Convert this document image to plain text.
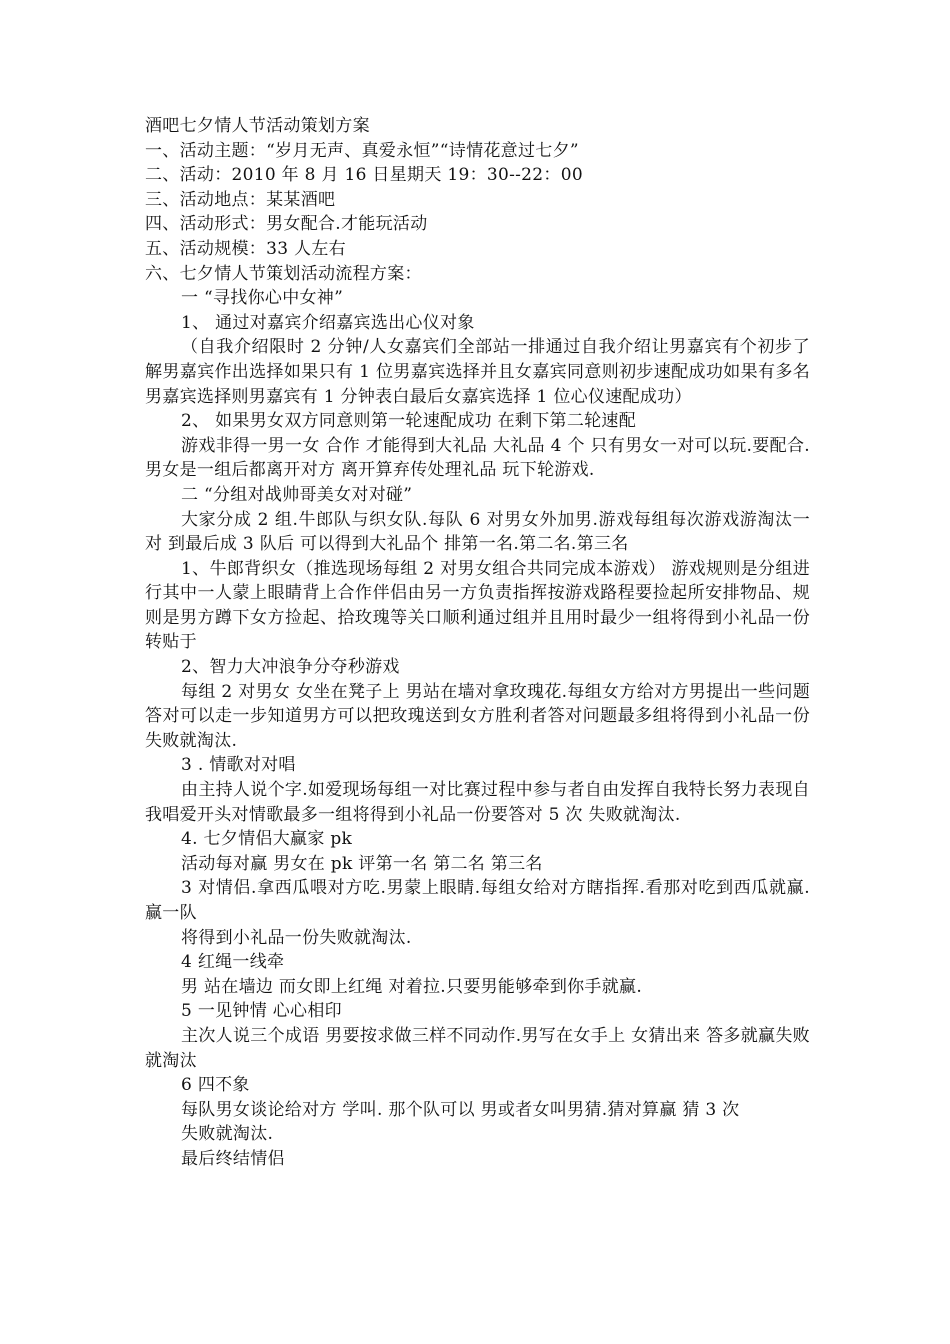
酒吧七夕情人节活动策划方案

一、活动主题：“岁月无声、真爱永恒”“诗情花意过七夕”

二、活动：2010 年 8 月 16 日星期天 19：30--22：00

三、活动地点：某某酒吧

四、活动形式：男女配合.才能玩活动

五、活动规模：33 人左右

六、七夕情人节策划活动流程方案：

一 “寻找你心中女神”

1、 通过对嘉宾介绍嘉宾选出心仪对象

（自我介绍限时 2 分钟/人女嘉宾们全部站一排通过自我介绍让男嘉宾有个初步了解男嘉宾作出选择如果只有 1 位男嘉宾选择并且女嘉宾同意则初步速配成功如果有多名男嘉宾选择则男嘉宾有 1 分钟表白最后女嘉宾选择 1 位心仪速配成功）

2、 如果男女双方同意则第一轮速配成功 在剩下第二轮速配

游戏非得一男一女 合作 才能得到大礼品 大礼品 4 个 只有男女一对可以玩.要配合.男女是一组后都离开对方 离开算弃传处理礼品 玩下轮游戏.

二 “分组对战帅哥美女对对碰”

大家分成 2 组.牛郎队与织女队.每队 6 对男女外加男.游戏每组每次游戏游淘汰一对 到最后成 3 队后 可以得到大礼品个 排第一名.第二名.第三名

1、牛郎背织女（推选现场每组 2 对男女组合共同完成本游戏） 游戏规则是分组进行其中一人蒙上眼睛背上合作伴侣由另一方负责指挥按游戏路程要捡起所安排物品、规则是男方蹲下女方捡起、拾玫瑰等关口顺利通过组并且用时最少一组将得到小礼品一份转贴于

2、智力大冲浪争分夺秒游戏

每组 2 对男女 女坐在凳子上 男站在墙对拿玫瑰花.每组女方给对方男提出一些问题答对可以走一步知道男方可以把玫瑰送到女方胜利者答对问题最多组将得到小礼品一份失败就淘汰.

3 . 情歌对对唱

由主持人说个字.如爱现场每组一对比赛过程中参与者自由发挥自我特长努力表现自我唱爱开头对情歌最多一组将得到小礼品一份要答对 5 次 失败就淘汰.

4. 七夕情侣大赢家 pk

活动每对赢 男女在 pk 评第一名 第二名 第三名

3 对情侣.拿西瓜喂对方吃.男蒙上眼睛.每组女给对方瞎指挥.看那对吃到西瓜就赢.赢一队

将得到小礼品一份失败就淘汰.

4 红绳一线牵

男 站在墙边 而女即上红绳 对着拉.只要男能够牵到你手就赢.

5 一见钟情 心心相印

主次人说三个成语 男要按求做三样不同动作.男写在女手上 女猜出来 答多就赢失败就淘汰

6 四不象

每队男女谈论给对方 学叫. 那个队可以 男或者女叫男猜.猜对算赢 猜 3 次

失败就淘汰.

最后终结情侣
